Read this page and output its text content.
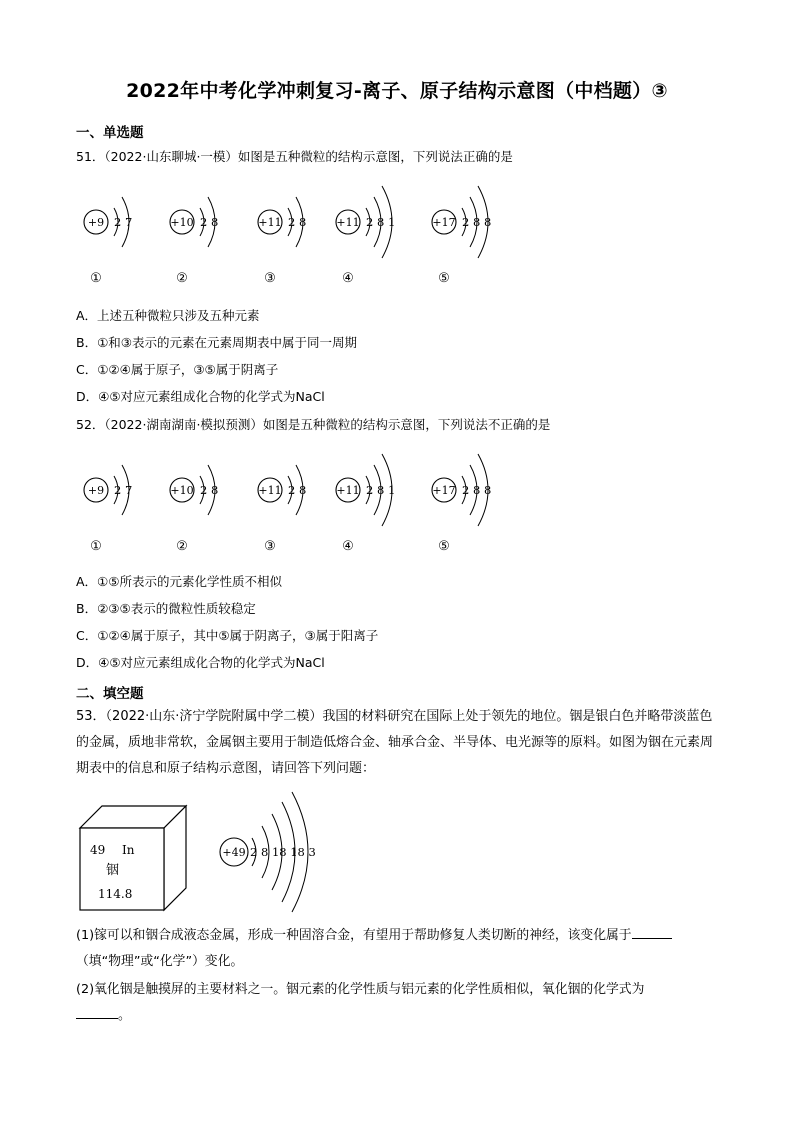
2022年中考化学冲刺复习-离子、原子结构示意图（中档题）③
一、单选题
51．（2022·山东聊城·一模）如图是五种微粒的结构示意图，下列说法正确的是
+9 2 7
①
+10 2 8
②
+11 2 8
③
+11 2 8 1
④
+17 2 8 8
⑤
A．上述五种微粒只涉及五种元素
B．①和③表示的元素在元素周期表中属于同一周期
C．①②④属于原子，③⑤属于阴离子
D．④⑤对应元素组成化合物的化学式为NaCl
52．（2022·湖南湖南·模拟预测）如图是五种微粒的结构示意图，下列说法不正确的是
+9 2 7
①
+10 2 8
②
+11 2 8
③
+11 2 8 1
④
+17 2 8 8
⑤
A．①⑤所表示的元素化学性质不相似
B．②③⑤表示的微粒性质较稳定
C．①②④属于原子，其中⑤属于阴离子，③属于阳离子
D．④⑤对应元素组成化合物的化学式为NaCl
二、填空题
53．（2022·山东·济宁学院附属中学二模）我国的材料研究在国际上处于领先的地位。铟是银白色并略带淡蓝色的金属，质地非常软，金属铟主要用于制造低熔合金、轴承合金、半导体、电光源等的原料。如图为铟在元素周期表中的信息和原子结构示意图，请回答下列问题：
49 In
铟
114.8
+49 2 8 18 18 3
(1)镓可以和铟合成液态金属，形成一种固溶合金，有望用于帮助修复人类切断的神经，该变化属于
（填“物理”或“化学”）变化。
(2)氧化铟是触摸屏的主要材料之一。铟元素的化学性质与铝元素的化学性质相似，氧化铟的化学式为
。
